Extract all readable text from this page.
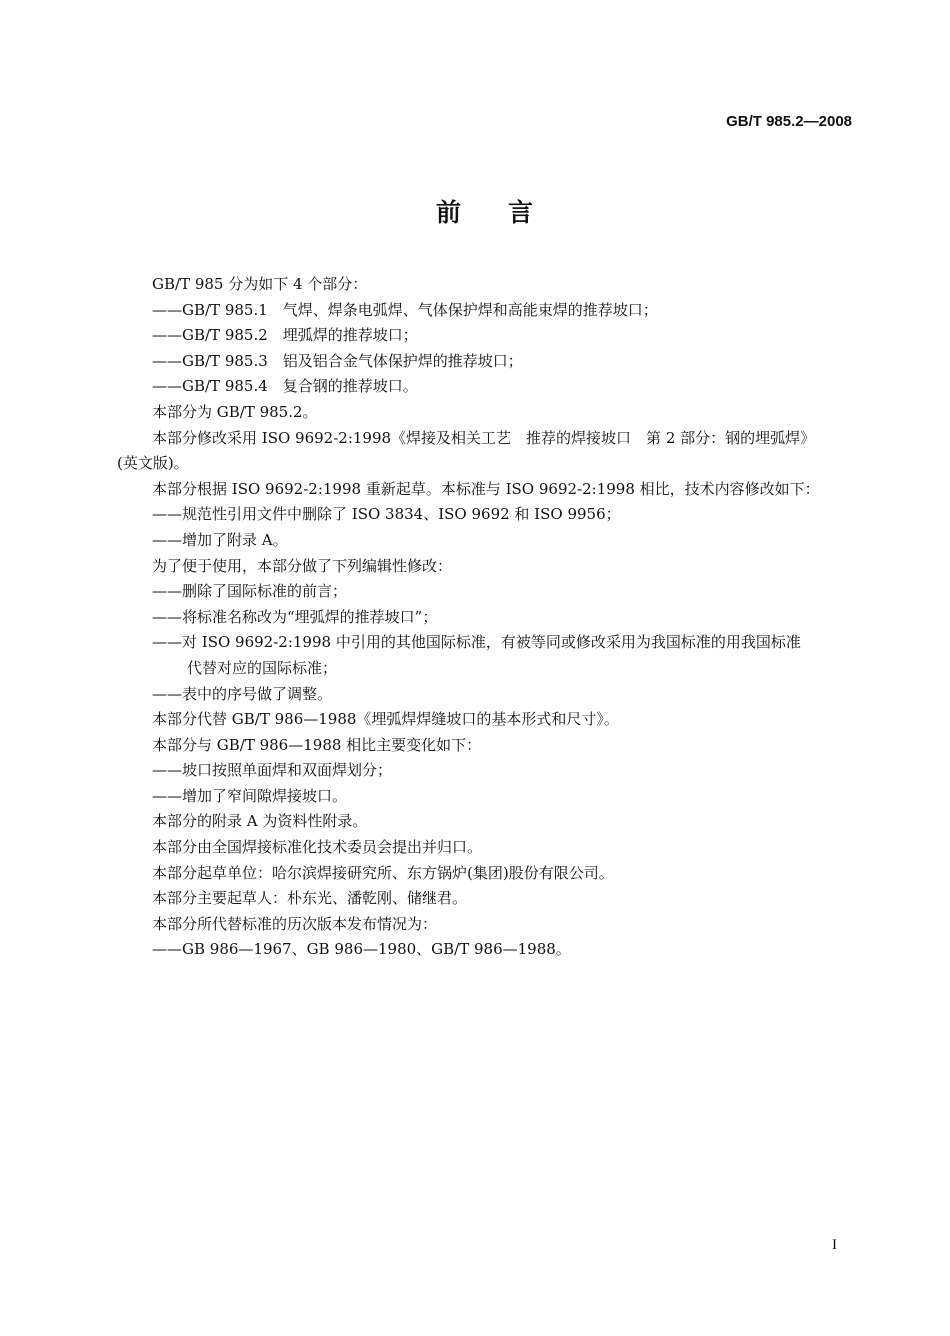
GB/T 985.2—2008
前言
GB/T 985 分为如下 4 个部分：
——GB/T 985.1　气焊、焊条电弧焊、气体保护焊和高能束焊的推荐坡口；
——GB/T 985.2　埋弧焊的推荐坡口；
——GB/T 985.3　铝及铝合金气体保护焊的推荐坡口；
——GB/T 985.4　复合钢的推荐坡口。
本部分为 GB/T 985.2。
本部分修改采用 ISO 9692-2:1998《焊接及相关工艺　推荐的焊接坡口　第 2 部分：钢的埋弧焊》
(英文版)。
本部分根据 ISO 9692-2:1998 重新起草。本标准与 ISO 9692-2:1998 相比，技术内容修改如下：
——规范性引用文件中删除了 ISO 3834、ISO 9692 和 ISO 9956；
——增加了附录 A。
为了便于使用，本部分做了下列编辑性修改：
——删除了国际标准的前言；
——将标准名称改为“埋弧焊的推荐坡口”；
——对 ISO 9692-2:1998 中引用的其他国际标准，有被等同或修改采用为我国标准的用我国标准
代替对应的国际标准；
——表中的序号做了调整。
本部分代替 GB/T 986—1988《埋弧焊焊缝坡口的基本形式和尺寸》。
本部分与 GB/T 986—1988 相比主要变化如下：
——坡口按照单面焊和双面焊划分；
——增加了窄间隙焊接坡口。
本部分的附录 A 为资料性附录。
本部分由全国焊接标准化技术委员会提出并归口。
本部分起草单位：哈尔滨焊接研究所、东方锅炉(集团)股份有限公司。
本部分主要起草人：朴东光、潘乾刚、储继君。
本部分所代替标准的历次版本发布情况为：
——GB 986—1967、GB 986—1980、GB/T 986—1988。
I
